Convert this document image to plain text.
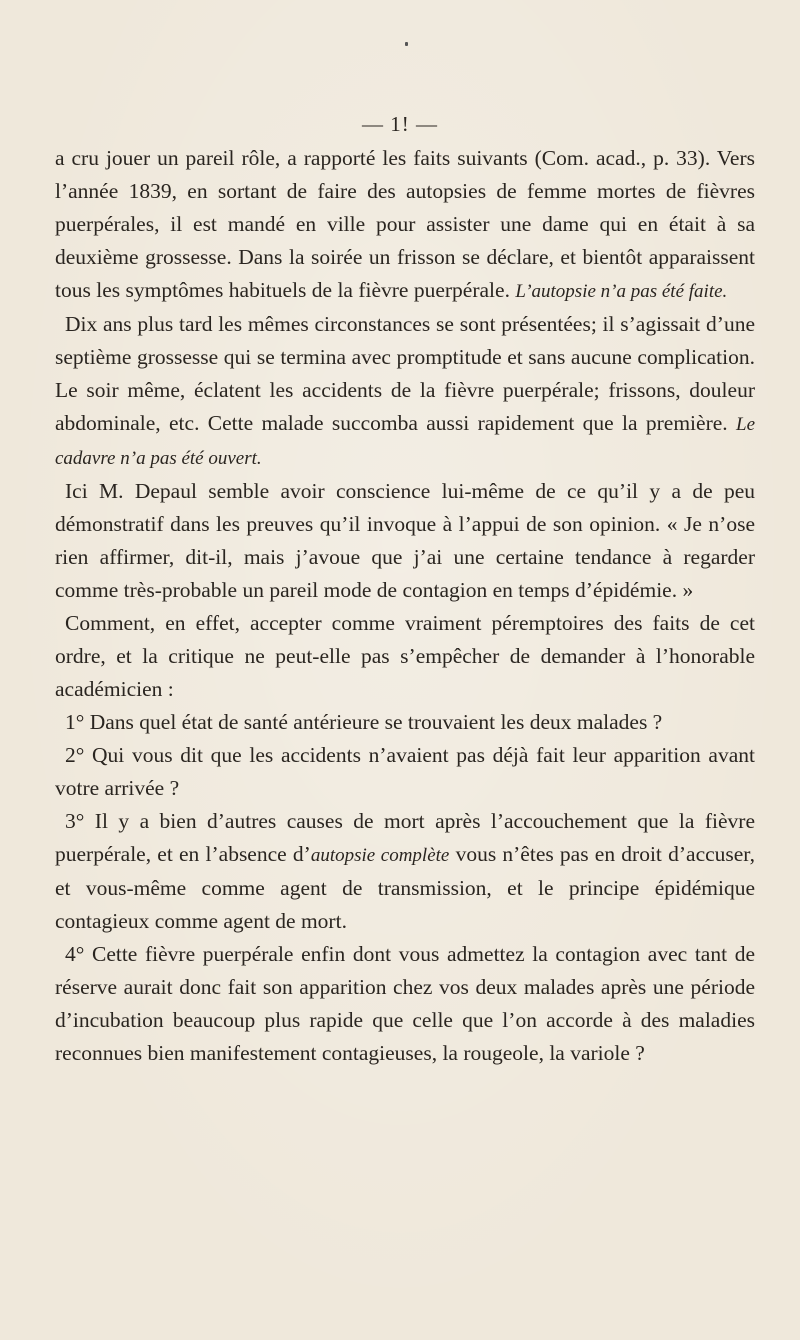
— 1! —

a cru jouer un pareil rôle, a rapporté les faits suivants (Com. acad., p. 33). Vers l’année 1839, en sortant de faire des autopsies de femme mortes de fièvres puerpérales, il est mandé en ville pour assister une dame qui en était à sa deuxième grossesse. Dans la soirée un frisson se déclare, et bientôt apparaissent tous les symptômes habituels de la fièvre puerpérale. L’autopsie n’a pas été faite.

Dix ans plus tard les mêmes circonstances se sont présentées; il s’agissait d’une septième grossesse qui se termina avec promptitude et sans aucune complication. Le soir même, éclatent les accidents de la fièvre puerpérale; frissons, douleur abdominale, etc. Cette malade succomba aussi rapidement que la première. Le cadavre n’a pas été ouvert.

Ici M. Depaul semble avoir conscience lui-même de ce qu’il y a de peu démonstratif dans les preuves qu’il invoque à l’appui de son opinion. « Je n’ose rien affirmer, dit-il, mais j’avoue que j’ai une certaine tendance à regarder comme très-probable un pareil mode de contagion en temps d’épidémie. »

Comment, en effet, accepter comme vraiment péremptoires des faits de cet ordre, et la critique ne peut-elle pas s’empêcher de demander à l’honorable académicien :

1° Dans quel état de santé antérieure se trouvaient les deux malades ?

2° Qui vous dit que les accidents n’avaient pas déjà fait leur apparition avant votre arrivée ?

3° Il y a bien d’autres causes de mort après l’accouchement que la fièvre puerpérale, et en l’absence d’autopsie complète vous n’êtes pas en droit d’accuser, et vous-même comme agent de transmission, et le principe épidémique contagieux comme agent de mort.

4° Cette fièvre puerpérale enfin dont vous admettez la contagion avec tant de réserve aurait donc fait son apparition chez vos deux malades après une période d’incubation beaucoup plus rapide que celle que l’on accorde à des maladies reconnues bien manifestement contagieuses, la rougeole, la variole ?
